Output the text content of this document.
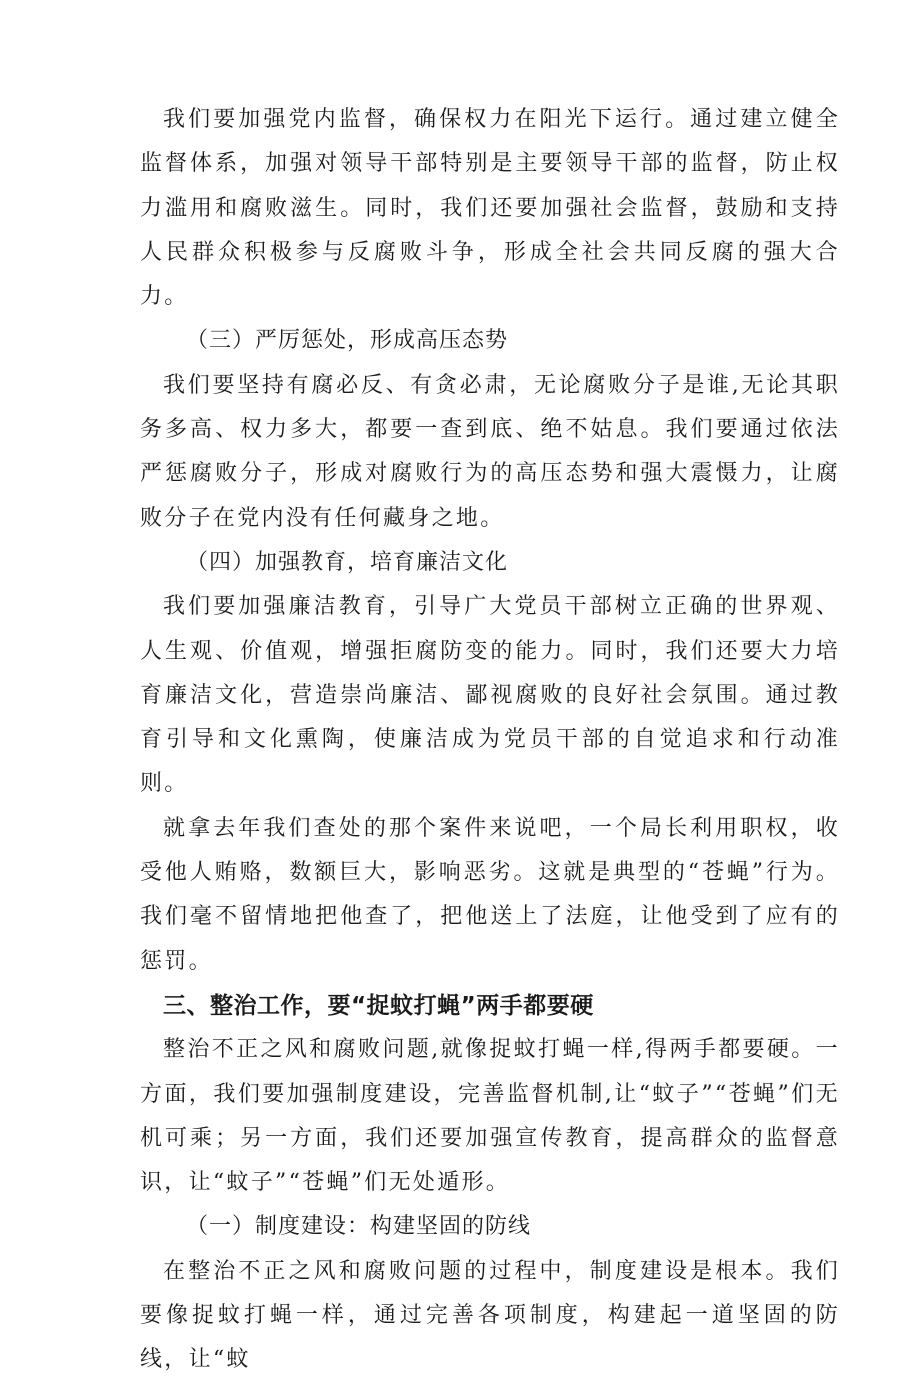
我们要加强党内监督，确保权力在阳光下运行。通过建立健全监督体系，加强对领导干部特别是主要领导干部的监督，防止权力滥用和腐败滋生。同时，我们还要加强社会监督，鼓励和支持人民群众积极参与反腐败斗争，形成全社会共同反腐的强大合力。

（三）严厉惩处，形成高压态势

我们要坚持有腐必反、有贪必肃，无论腐败分子是谁,无论其职务多高、权力多大，都要一查到底、绝不姑息。我们要通过依法严惩腐败分子，形成对腐败行为的高压态势和强大震慑力，让腐败分子在党内没有任何藏身之地。

（四）加强教育，培育廉洁文化

我们要加强廉洁教育，引导广大党员干部树立正确的世界观、人生观、价值观，增强拒腐防变的能力。同时，我们还要大力培育廉洁文化，营造崇尚廉洁、鄙视腐败的良好社会氛围。通过教育引导和文化熏陶，使廉洁成为党员干部的自觉追求和行动准则。

就拿去年我们查处的那个案件来说吧，一个局长利用职权，收受他人贿赂，数额巨大，影响恶劣。这就是典型的“苍蝇”行为。我们毫不留情地把他查了，把他送上了法庭，让他受到了应有的惩罚。

三、整治工作，要“捉蚊打蝇”两手都要硬

整治不正之风和腐败问题,就像捉蚊打蝇一样,得两手都要硬。一方面，我们要加强制度建设，完善监督机制,让“蚊子”“苍蝇”们无机可乘；另一方面，我们还要加强宣传教育，提高群众的监督意识，让“蚊子”“苍蝇”们无处遁形。

（一）制度建设：构建坚固的防线

在整治不正之风和腐败问题的过程中，制度建设是根本。我们要像捉蚊打蝇一样，通过完善各项制度，构建起一道坚固的防线，让“蚊
